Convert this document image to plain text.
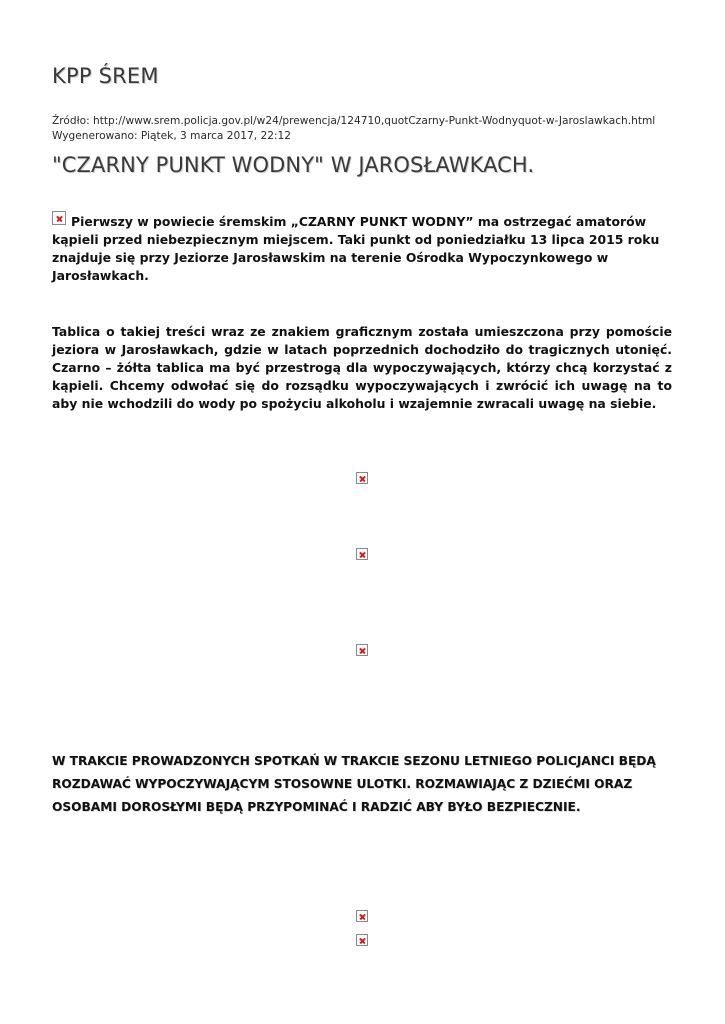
KPP ŚREM
Źródło: http://www.srem.policja.gov.pl/w24/prewencja/124710,quotCzarny-Punkt-Wodnyquot-w-Jaroslawkach.html
Wygenerowano: Piątek, 3 marca 2017, 22:12
"CZARNY PUNKT WODNY" W JAROSŁAWKACH.
Pierwszy w powiecie śremskim „CZARNY PUNKT WODNY” ma ostrzegać amatorów kąpieli przed niebezpiecznym miejscem. Taki punkt od poniedziałku 13 lipca 2015 roku znajduje się przy Jeziorze Jarosławskim na terenie Ośrodka Wypoczynkowego w Jarosławkach.
Tablica o takiej treści wraz ze znakiem graficznym została umieszczona przy pomoście jeziora w Jarosławkach, gdzie w latach poprzednich dochodziło do tragicznych utonięć. Czarno – żółta tablica ma być przestrogą dla wypoczywających, którzy chcą korzystać z kąpieli. Chcemy odwołać się do rozsądku wypoczywających i zwrócić ich uwagę na to aby nie wchodzili do wody po spożyciu alkoholu i wzajemnie zwracali uwagę na siebie.
W TRAKCIE PROWADZONYCH SPOTKAŃ W TRAKCIE SEZONU LETNIEGO POLICJANCI BĘDĄ ROZDAWAĆ WYPOCZYWAJĄCYM STOSOWNE ULOTKI. ROZMAWIAJĄC Z DZIEĆMI ORAZ OSOBAMI DOROSŁYMI BĘDĄ PRZYPOMINAĆ I RADZIĆ ABY BYŁO BEZPIECZNIE.
